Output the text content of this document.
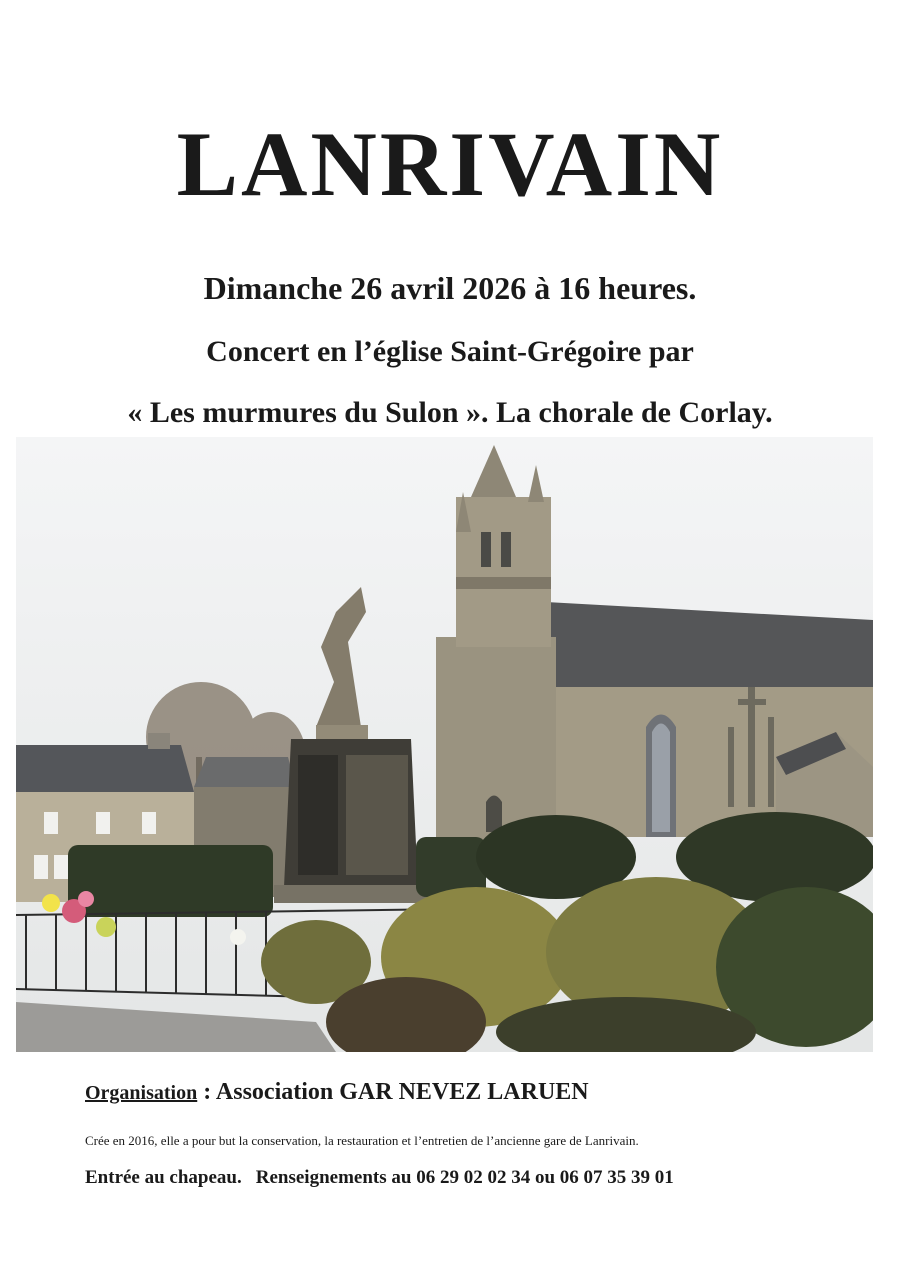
LANRIVAIN
Dimanche 26 avril 2026 à 16 heures.
Concert en l’église Saint-Grégoire par
« Les murmures du Sulon ». La chorale de Corlay.
Organisation : Association GAR NEVEZ LARUEN
Crée en 2016, elle a pour but la conservation, la restauration et l’entretien de l’ancienne gare de Lanrivain.
Entrée au chapeau. Renseignements au 06 29 02 02 34 ou 06 07 35 39 01
